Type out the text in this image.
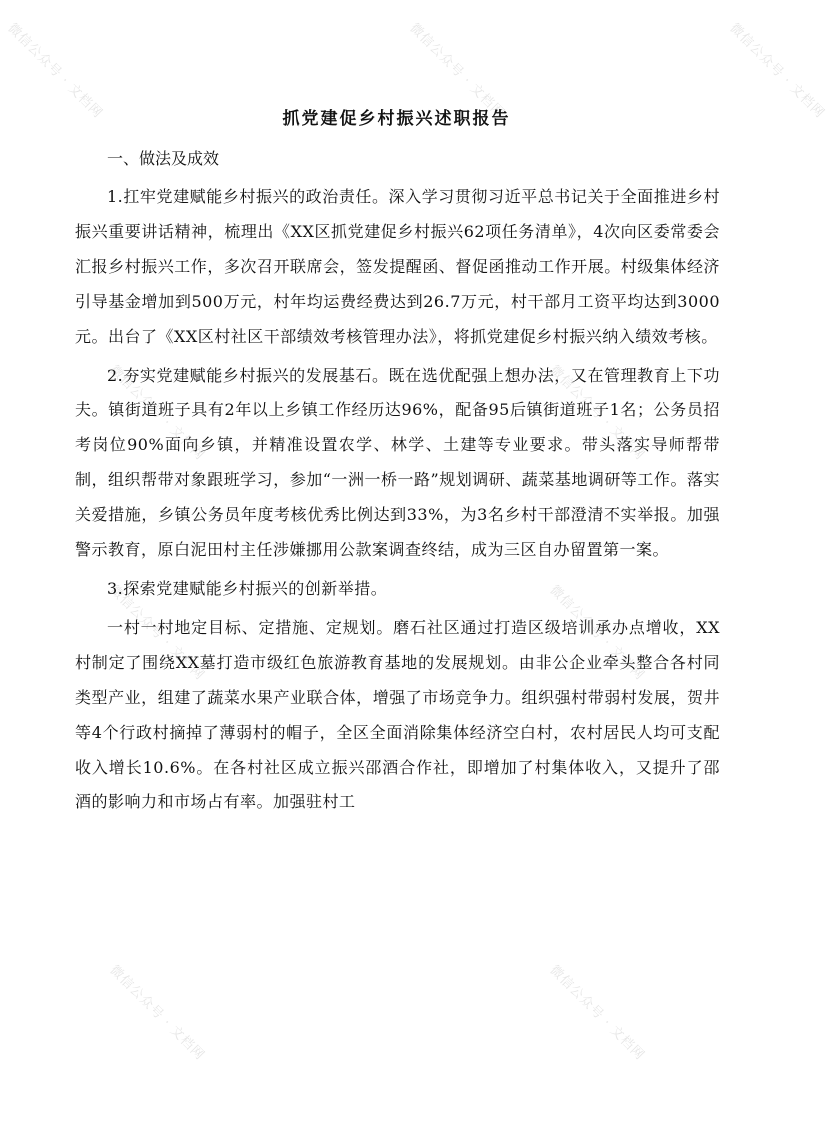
微信公众号 · 文档网	微信公众号 · 文档网	微信公众号 · 文档网
微信公众号 · 文档网	微信公众号 · 文档网
微信公众号 · 文档网	微信公众号 · 文档网
微信公众号 · 文档网	微信公众号 · 文档网
抓党建促乡村振兴述职报告

一、做法及成效

1.扛牢党建赋能乡村振兴的政治责任。深入学习贯彻习近平总书记关于全面推进乡村振兴重要讲话精神，梳理出《XX区抓党建促乡村振兴62项任务清单》，4次向区委常委会汇报乡村振兴工作，多次召开联席会，签发提醒函、督促函推动工作开展。村级集体经济引导基金增加到500万元，村年均运费经费达到26.7万元，村干部月工资平均达到3000元。出台了《XX区村社区干部绩效考核管理办法》，将抓党建促乡村振兴纳入绩效考核。

2.夯实党建赋能乡村振兴的发展基石。既在选优配强上想办法，又在管理教育上下功夫。镇街道班子具有2年以上乡镇工作经历达96%，配备95后镇街道班子1名；公务员招考岗位90%面向乡镇，并精准设置农学、林学、土建等专业要求。带头落实导师帮带制，组织帮带对象跟班学习，参加“一洲一桥一路”规划调研、蔬菜基地调研等工作。落实关爱措施，乡镇公务员年度考核优秀比例达到33%，为3名乡村干部澄清不实举报。加强警示教育，原白泥田村主任涉嫌挪用公款案调查终结，成为三区自办留置第一案。

3.探索党建赋能乡村振兴的创新举措。

一村一村地定目标、定措施、定规划。磨石社区通过打造区级培训承办点增收，XX村制定了围绕XX墓打造市级红色旅游教育基地的发展规划。由非公企业牵头整合各村同类型产业，组建了蔬菜水果产业联合体，增强了市场竞争力。组织强村带弱村发展，贺井等4个行政村摘掉了薄弱村的帽子，全区全面消除集体经济空白村，农村居民人均可支配收入增长10.6%。在各村社区成立振兴邵酒合作社，即增加了村集体收入，又提升了邵酒的影响力和市场占有率。加强驻村工
